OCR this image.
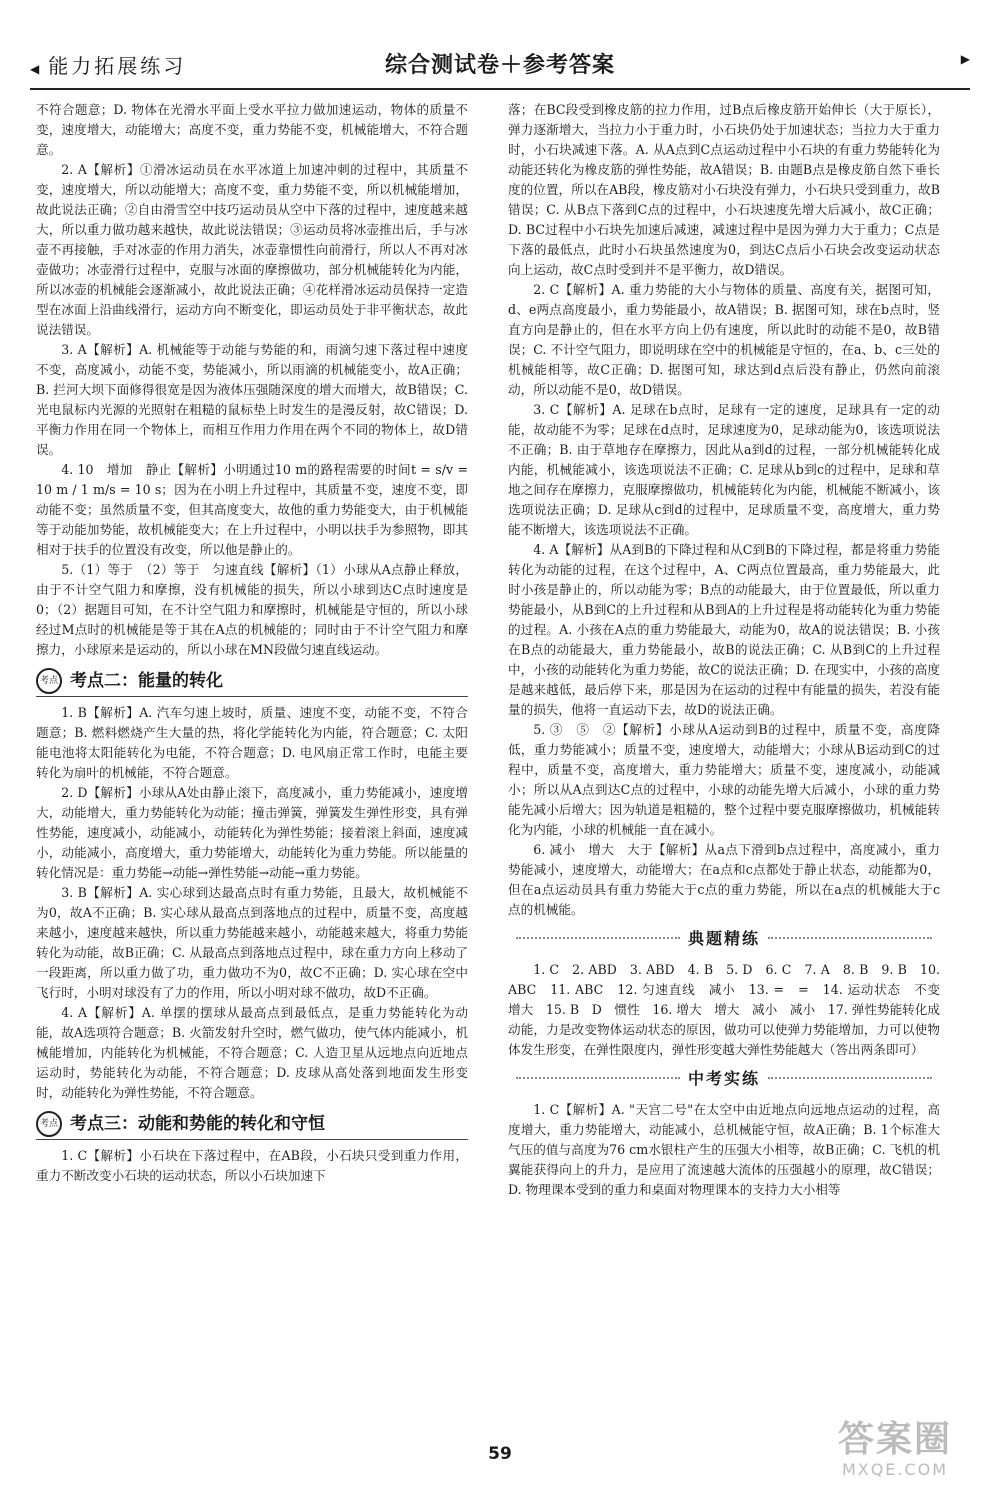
◀ 能力拓展练习	综合测试卷＋参考答案	▶

不符合题意；D. 物体在光滑水平面上受水平拉力做加速运动，物体的质量不变，速度增大，动能增大；高度不变，重力势能不变，机械能增大，不符合题意。

2. A【解析】①滑冰运动员在水平冰道上加速冲刺的过程中，其质量不变，速度增大，所以动能增大；高度不变，重力势能不变，所以机械能增加，故此说法正确；②自由滑雪空中技巧运动员从空中下落的过程中，速度越来越大，所以重力做功越来越快，故此说法错误；③运动员将冰壶推出后，手与冰壶不再接触，手对冰壶的作用力消失，冰壶靠惯性向前滑行，所以人不再对冰壶做功；冰壶滑行过程中，克服与冰面的摩擦做功，部分机械能转化为内能，所以冰壶的机械能会逐渐减小，故此说法正确；④花样滑冰运动员保持一定造型在冰面上沿曲线滑行，运动方向不断变化，即运动员处于非平衡状态，故此说法错误。

3. A【解析】A. 机械能等于动能与势能的和，雨滴匀速下落过程中速度不变，高度减小，动能不变，势能减小，所以雨滴的机械能变小，故A正确；B. 拦河大坝下面修得很宽是因为液体压强随深度的增大而增大，故B错误；C. 光电鼠标内光源的光照射在粗糙的鼠标垫上时发生的是漫反射，故C错误；D. 平衡力作用在同一个物体上，而相互作用力作用在两个不同的物体上，故D错误。

4. 10　增加　静止【解析】小明通过10 m的路程需要的时间t = s/v = 10 m / 1 m/s = 10 s；因为在小明上升过程中，其质量不变，速度不变，即动能不变；虽然质量不变，但其高度变大，故他的重力势能变大，由于机械能等于动能加势能，故机械能变大；在上升过程中，小明以扶手为参照物，即其相对于扶手的位置没有改变，所以他是静止的。

5.（1）等于　（2）等于　匀速直线【解析】（1）小球从A点静止释放，由于不计空气阻力和摩擦，没有机械能的损失，所以小球到达C点时速度是0；（2）据题目可知，在不计空气阻力和摩擦时，机械能是守恒的，所以小球经过M点时的机械能是等于其在A点的机械能的；同时由于不计空气阻力和摩擦力，小球原来是运动的，所以小球在MN段做匀速直线运动。

考点 考点二：能量的转化

1. B【解析】A. 汽车匀速上坡时，质量、速度不变，动能不变，不符合题意；B. 燃料燃烧产生大量的热，将化学能转化为内能，符合题意；C. 太阳能电池将太阳能转化为电能，不符合题意；D. 电风扇正常工作时，电能主要转化为扇叶的机械能，不符合题意。

2. D【解析】小球从A处由静止滚下，高度减小，重力势能减小，速度增大，动能增大，重力势能转化为动能；撞击弹簧，弹簧发生弹性形变，具有弹性势能，速度减小，动能减小，动能转化为弹性势能；接着滚上斜面，速度减小，动能减小，高度增大，重力势能增大，动能转化为重力势能。所以能量的转化情况是：重力势能→动能→弹性势能→动能→重力势能。

3. B【解析】A. 实心球到达最高点时有重力势能，且最大，故机械能不为0，故A不正确；B. 实心球从最高点到落地点的过程中，质量不变，高度越来越小，速度越来越快，所以重力势能越来越小，动能越来越大，将重力势能转化为动能，故B正确；C. 从最高点到落地点过程中，球在重力方向上移动了一段距离，所以重力做了功，重力做功不为0，故C不正确；D. 实心球在空中飞行时，小明对球没有了力的作用，所以小明对球不做功，故D不正确。

4. A【解析】A. 单摆的摆球从最高点到最低点，是重力势能转化为动能，故A选项符合题意；B. 火箭发射升空时，燃气做功，使气体内能减小，机械能增加，内能转化为机械能，不符合题意；C. 人造卫星从远地点向近地点运动时，势能转化为动能，不符合题意；D. 皮球从高处落到地面发生形变时，动能转化为弹性势能，不符合题意。

考点 考点三：动能和势能的转化和守恒

1. C【解析】小石块在下落过程中，在AB段，小石块只受到重力作用，重力不断改变小石块的运动状态，所以小石块加速下

落；在BC段受到橡皮筋的拉力作用，过B点后橡皮筋开始伸长（大于原长），弹力逐渐增大，当拉力小于重力时，小石块仍处于加速状态；当拉力大于重力时，小石块减速下落。A. 从A点到C点运动过程中小石块的有重力势能转化为动能还转化为橡皮筋的弹性势能，故A错误；B. 由题B点是橡皮筋自然下垂长度的位置，所以在AB段，橡皮筋对小石块没有弹力，小石块只受到重力，故B错误；C. 从B点下落到C点的过程中，小石块速度先增大后减小，故C正确；D. BC过程中小石块先加速后减速，减速过程中是因为弹力大于重力；C点是下落的最低点，此时小石块虽然速度为0，到达C点后小石块会改变运动状态向上运动，故C点时受到并不是平衡力，故D错误。

2. C【解析】A. 重力势能的大小与物体的质量、高度有关，据图可知，d、e两点高度最小，重力势能最小，故A错误；B. 据图可知，球在b点时，竖直方向是静止的，但在水平方向上仍有速度，所以此时的动能不是0，故B错误；C. 不计空气阻力，即说明球在空中的机械能是守恒的，在a、b、c三处的机械能相等，故C正确；D. 据图可知，球达到d点后没有静止，仍然向前滚动，所以动能不是0，故D错误。

3. C【解析】A. 足球在b点时，足球有一定的速度，足球具有一定的动能，故动能不为零；足球在d点时，足球速度为0，足球动能为0，该选项说法不正确；B. 由于草地存在摩擦力，因此从a到d的过程，一部分机械能转化成内能，机械能减小，该选项说法不正确；C. 足球从b到c的过程中，足球和草地之间存在摩擦力，克服摩擦做功，机械能转化为内能，机械能不断减小，该选项说法正确；D. 足球从c到d的过程中，足球质量不变，高度增大，重力势能不断增大，该选项说法不正确。

4. A【解析】从A到B的下降过程和从C到B的下降过程，都是将重力势能转化为动能的过程，在这个过程中，A、C两点位置最高，重力势能最大，此时小孩是静止的，所以动能为零；B点的动能最大，由于位置最低，所以重力势能最小，从B到C的上升过程和从B到A的上升过程是将动能转化为重力势能的过程。A. 小孩在A点的重力势能最大，动能为0，故A的说法错误；B. 小孩在B点的动能最大，重力势能最小，故B的说法正确；C. 从B到C的上升过程中，小孩的动能转化为重力势能，故C的说法正确；D. 在现实中，小孩的高度是越来越低，最后停下来，那是因为在运动的过程中有能量的损失，若没有能量的损失，他将一直运动下去，故D的说法正确。

5. ③　⑤　②【解析】小球从A运动到B的过程中，质量不变，高度降低，重力势能减小；质量不变，速度增大，动能增大；小球从B运动到C的过程中，质量不变，高度增大，重力势能增大；质量不变，速度减小，动能减小；所以从A点到达C点的过程中，小球的动能先增大后减小，小球的重力势能先减小后增大；因为轨道是粗糙的，整个过程中要克服摩擦做功，机械能转化为内能，小球的机械能一直在减小。

6. 减小　增大　大于【解析】从a点下滑到b点过程中，高度减小，重力势能减小，速度增大，动能增大；在a点和c点都处于静止状态，动能都为0，但在a点运动员具有重力势能大于c点的重力势能，所以在a点的机械能大于c点的机械能。

典题精练

1. C　2. ABD　3. ABD　4. B　5. D　6. C　7. A　8. B　9. B　10. ABC　11. ABC　12. 匀速直线　减小　13. =　=　14. 运动状态　不变　增大　15. B　D　惯性　16. 增大　增大　减小　减小　17. 弹性势能转化成动能，力是改变物体运动状态的原因，做功可以使弹力势能增加，力可以使物体发生形变，在弹性限度内，弹性形变越大弹性势能越大（答出两条即可）

中考实练

1. C【解析】A. "天宫二号"在太空中由近地点向远地点运动的过程，高度增大，重力势能增大，动能减小，总机械能守恒，故A正确；B. 1个标准大气压的值与高度为76 cm水银柱产生的压强大小相等，故B正确；C. 飞机的机翼能获得向上的升力，是应用了流速越大流体的压强越小的原理，故C错误；D. 物理课本受到的重力和桌面对物理课本的支持力大小相等

59	答案圈
MXQE.COM
